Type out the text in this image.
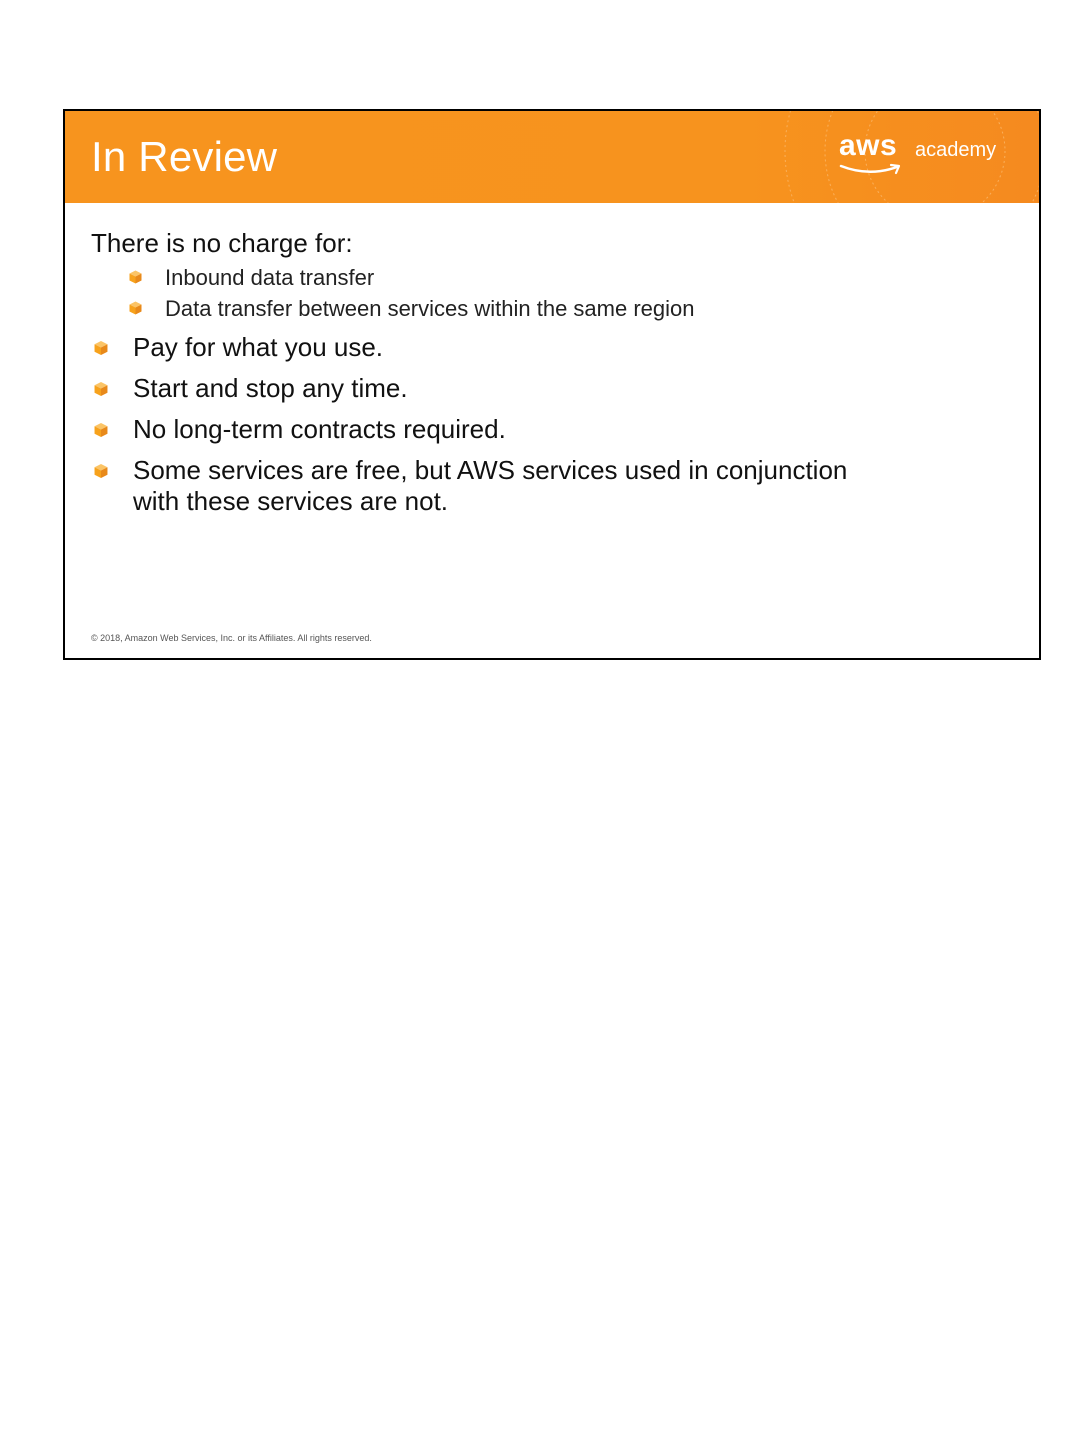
In Review	aws academy
There is no charge for:
Inbound data transfer
Data transfer between services within the same region
Pay for what you use.
Start and stop any time.
No long-term contracts required.
Some services are free, but AWS services used in conjunction
with these services are not.
© 2018, Amazon Web Services, Inc. or its Affiliates. All rights reserved.
